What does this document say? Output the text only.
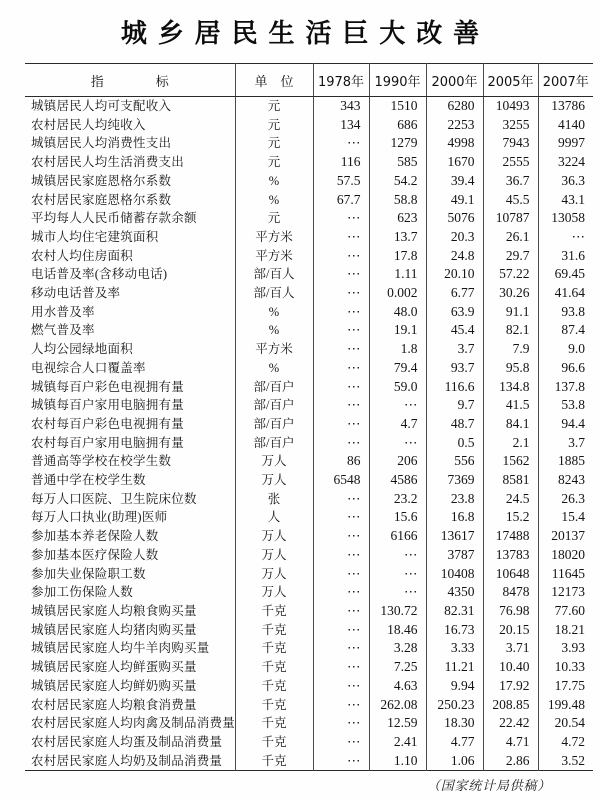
城乡居民生活巨大改善
指　　　　标	单　位	1978年	1990年	2000年	2005年	2007年
城镇居民人均可支配收入	元	343	1510	6280	10493	13786
农村居民人均纯收入	元	134	686	2253	3255	4140
城镇居民人均消费性支出	元	⋯	1279	4998	7943	9997
农村居民人均生活消费支出	元	116	585	1670	2555	3224
城镇居民家庭恩格尔系数	%	57.5	54.2	39.4	36.7	36.3
农村居民家庭恩格尔系数	%	67.7	58.8	49.1	45.5	43.1
平均每人人民币储蓄存款余额	元	⋯	623	5076	10787	13058
城市人均住宅建筑面积	平方米	⋯	13.7	20.3	26.1	⋯
农村人均住房面积	平方米	⋯	17.8	24.8	29.7	31.6
电话普及率(含移动电话)	部/百人	⋯	1.11	20.10	57.22	69.45
移动电话普及率	部/百人	⋯	0.002	6.77	30.26	41.64
用水普及率	%	⋯	48.0	63.9	91.1	93.8
燃气普及率	%	⋯	19.1	45.4	82.1	87.4
人均公园绿地面积	平方米	⋯	1.8	3.7	7.9	9.0
电视综合人口覆盖率	%	⋯	79.4	93.7	95.8	96.6
城镇每百户彩色电视拥有量	部/百户	⋯	59.0	116.6	134.8	137.8
城镇每百户家用电脑拥有量	部/百户	⋯	⋯	9.7	41.5	53.8
农村每百户彩色电视拥有量	部/百户	⋯	4.7	48.7	84.1	94.4
农村每百户家用电脑拥有量	部/百户	⋯	⋯	0.5	2.1	3.7
普通高等学校在校学生数	万人	86	206	556	1562	1885
普通中学在校学生数	万人	6548	4586	7369	8581	8243
每万人口医院、卫生院床位数	张	⋯	23.2	23.8	24.5	26.3
每万人口执业(助理)医师	人	⋯	15.6	16.8	15.2	15.4
参加基本养老保险人数	万人	⋯	6166	13617	17488	20137
参加基本医疗保险人数	万人	⋯	⋯	3787	13783	18020
参加失业保险职工数	万人	⋯	⋯	10408	10648	11645
参加工伤保险人数	万人	⋯	⋯	4350	8478	12173
城镇居民家庭人均粮食购买量	千克	⋯	130.72	82.31	76.98	77.60
城镇居民家庭人均猪肉购买量	千克	⋯	18.46	16.73	20.15	18.21
城镇居民家庭人均牛羊肉购买量	千克	⋯	3.28	3.33	3.71	3.93
城镇居民家庭人均鲜蛋购买量	千克	⋯	7.25	11.21	10.40	10.33
城镇居民家庭人均鲜奶购买量	千克	⋯	4.63	9.94	17.92	17.75
农村居民家庭人均粮食消费量	千克	⋯	262.08	250.23	208.85	199.48
农村居民家庭人均肉禽及制品消费量	千克	⋯	12.59	18.30	22.42	20.54
农村居民家庭人均蛋及制品消费量	千克	⋯	2.41	4.77	4.71	4.72
农村居民家庭人均奶及制品消费量	千克	⋯	1.10	1.06	2.86	3.52
（国家统计局供稿）
